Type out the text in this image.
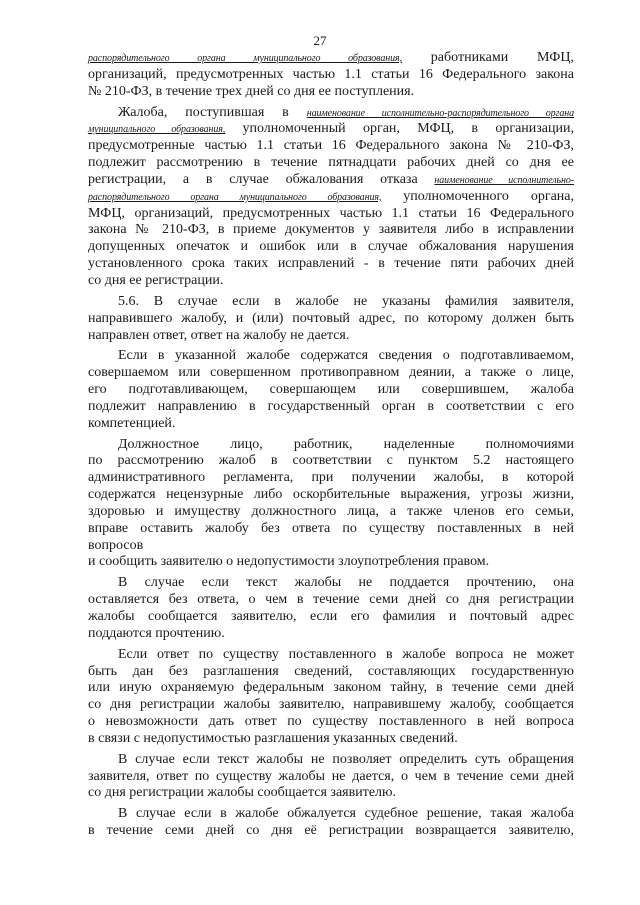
27
распорядительного органа муниципального образования, работниками МФЦ,
организаций, предусмотренных частью 1.1 статьи 16 Федерального закона
№ 210-ФЗ, в течение трех дней со дня ее поступления.
Жалоба, поступившая в наименование исполнительно-распорядительного органа
муниципального образования, уполномоченный орган, МФЦ, в организации,
предусмотренные частью 1.1 статьи 16 Федерального закона № 210-ФЗ,
подлежит рассмотрению в течение пятнадцати рабочих дней со дня ее
регистрации, а в случае обжалования отказа наименование исполнительно-
распорядительного органа муниципального образования, уполномоченного органа,
МФЦ, организаций, предусмотренных частью 1.1 статьи 16 Федерального
закона № 210-ФЗ, в приеме документов у заявителя либо в исправлении
допущенных опечаток и ошибок или в случае обжалования нарушения
установленного срока таких исправлений - в течение пяти рабочих дней
со дня ее регистрации.
5.6. В случае если в жалобе не указаны фамилия заявителя,
направившего жалобу, и (или) почтовый адрес, по которому должен быть
направлен ответ, ответ на жалобу не дается.
Если в указанной жалобе содержатся сведения о подготавливаемом,
совершаемом или совершенном противоправном деянии, а также о лице,
его подготавливающем, совершающем или совершившем, жалоба
подлежит направлению в государственный орган в соответствии с его
компетенцией.
Должностное лицо, работник, наделенные полномочиями
по рассмотрению жалоб в соответствии с пунктом 5.2 настоящего
административного регламента, при получении жалобы, в которой
содержатся нецензурные либо оскорбительные выражения, угрозы жизни,
здоровью и имуществу должностного лица, а также членов его семьи,
вправе оставить жалобу без ответа по существу поставленных в ней
вопросов
и сообщить заявителю о недопустимости злоупотребления правом.
В случае если текст жалобы не поддается прочтению, она
оставляется без ответа, о чем в течение семи дней со дня регистрации
жалобы сообщается заявителю, если его фамилия и почтовый адрес
поддаются прочтению.
Если ответ по существу поставленного в жалобе вопроса не может
быть дан без разглашения сведений, составляющих государственную
или иную охраняемую федеральным законом тайну, в течение семи дней
со дня регистрации жалобы заявителю, направившему жалобу, сообщается
о невозможности дать ответ по существу поставленного в ней вопроса
в связи с недопустимостью разглашения указанных сведений.
В случае если текст жалобы не позволяет определить суть обращения
заявителя, ответ по существу жалобы не дается, о чем в течение семи дней
со дня регистрации жалобы сообщается заявителю.
В случае если в жалобе обжалуется судебное решение, такая жалоба
в течение семи дней со дня её регистрации возвращается заявителю,
